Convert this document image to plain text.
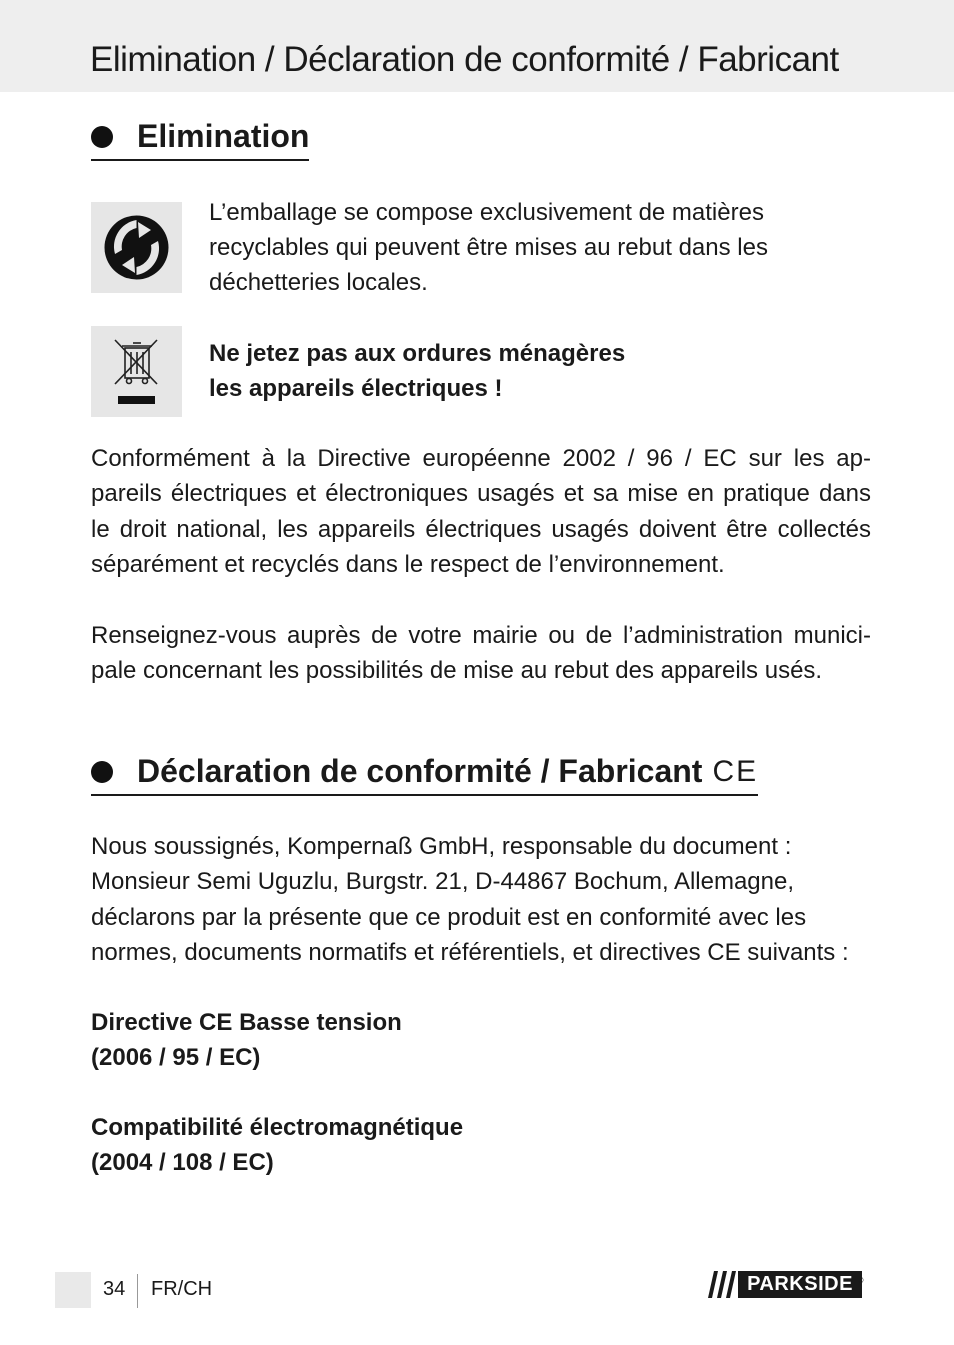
Elimination / Déclaration de conformité / Fabricant
Elimination
L’emballage se compose exclusivement de matières
recyclables qui peuvent être mises au rebut dans les
déchetteries locales.
Ne jetez pas aux ordures ménagères
les appareils électriques !
Conformément à la Directive européenne 2002 / 96 / EC sur les ap-
pareils électriques et électroniques usagés et sa mise en pratique dans
le droit national, les appareils électriques usagés doivent être collectés
séparément et recyclés dans le respect de l’environnement.
Renseignez-vous auprès de votre mairie ou de l’administration munici-
pale concernant les possibilités de mise au rebut des appareils usés.
Déclaration de conformité / Fabricant CE
Nous soussignés, Kompernaß GmbH, responsable du document :
Monsieur Semi Uguzlu, Burgstr. 21, D-44867 Bochum, Allemagne,
déclarons par la présente que ce produit est en conformité avec les
normes, documents normatifs et référentiels, et directives CE suivants :
Directive CE Basse tension
(2006 / 95 / EC)
Compatibilité électromagnétique
(2004 / 108 / EC)
34 FR/CH	PARKSIDE ®
